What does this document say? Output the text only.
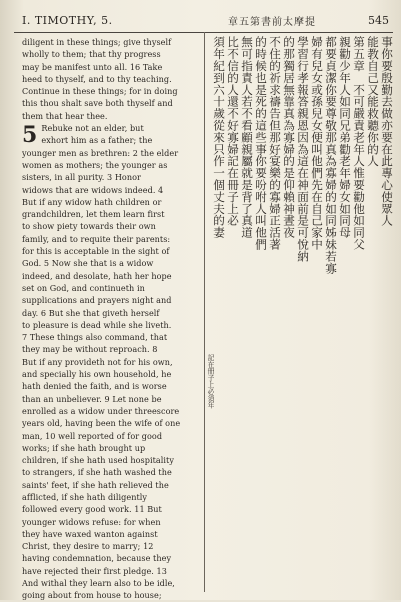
I. TIMOTHY, 5.	章五第書前太摩提	545

diligent in these things; give thyself

wholly to them; that thy progress

may be manifest unto all. 16 Take

heed to thyself, and to thy teaching.

Continue in these things; for in doing

this thou shalt save both thyself and

them that hear thee.

5 Rebuke not an elder, but

exhort him as a father; the

younger men as brethren: 2 the elder

women as mothers; the younger as

sisters, in all purity. 3 Honor

widows that are widows indeed. 4

But if any widow hath children or

grandchildren, let them learn first

to show piety towards their own

family, and to requite their parents:

for this is acceptable in the sight of

God. 5 Now she that is a widow

indeed, and desolate, hath her hope

set on God, and continueth in

supplications and prayers night and

day. 6 But she that giveth herself

to pleasure is dead while she liveth.

7 These things also command, that

they may be without reproach. 8

But if any provideth not for his own,

and specially his own household, he

hath denied the faith, and is worse

than an unbeliever. 9 Let none be

enrolled as a widow under threescore

years old, having been the wife of one

man, 10 well reported of for good

works; if she hath brought up

children, if she hath used hospitality

to strangers, if she hath washed the

saints' feet, if she hath relieved the

afflicted, if she hath diligently

followed every good work. 11 But

younger widows refuse: for when

they have waxed wanton against

Christ, they desire to marry; 12

having condemnation, because they

have rejected their first pledge. 13

And withal they learn also to be idle,

going about from house to house;

事你要殷勤去做亦要在此專心使眾人
能教自己又能救聽你的人
第五章　不可嚴責老年人惟要勸他如同父
親勸少年人如同兄弟勸老年婦女如同母
都要貞潔你要尊敬那真為寡婦的如同姊妹若寡
婦有兒女或孫兒女便叫他們先在自己家中
學習行孝報答親恩因為這在神面前是可悅納
的那獨居無靠真為寡婦的是仰賴神晝夜
不住的祈求禱告但那好宴樂的寡婦正活著
的時候也是死的這些事你要吩咐人叫他們
無可指責人若不看顧親屬就是背了真道
比不信的人還不好寡婦記在冊子上必
須年紀到六十歲從來只作一個丈夫的妻
記在冊子上必須年
